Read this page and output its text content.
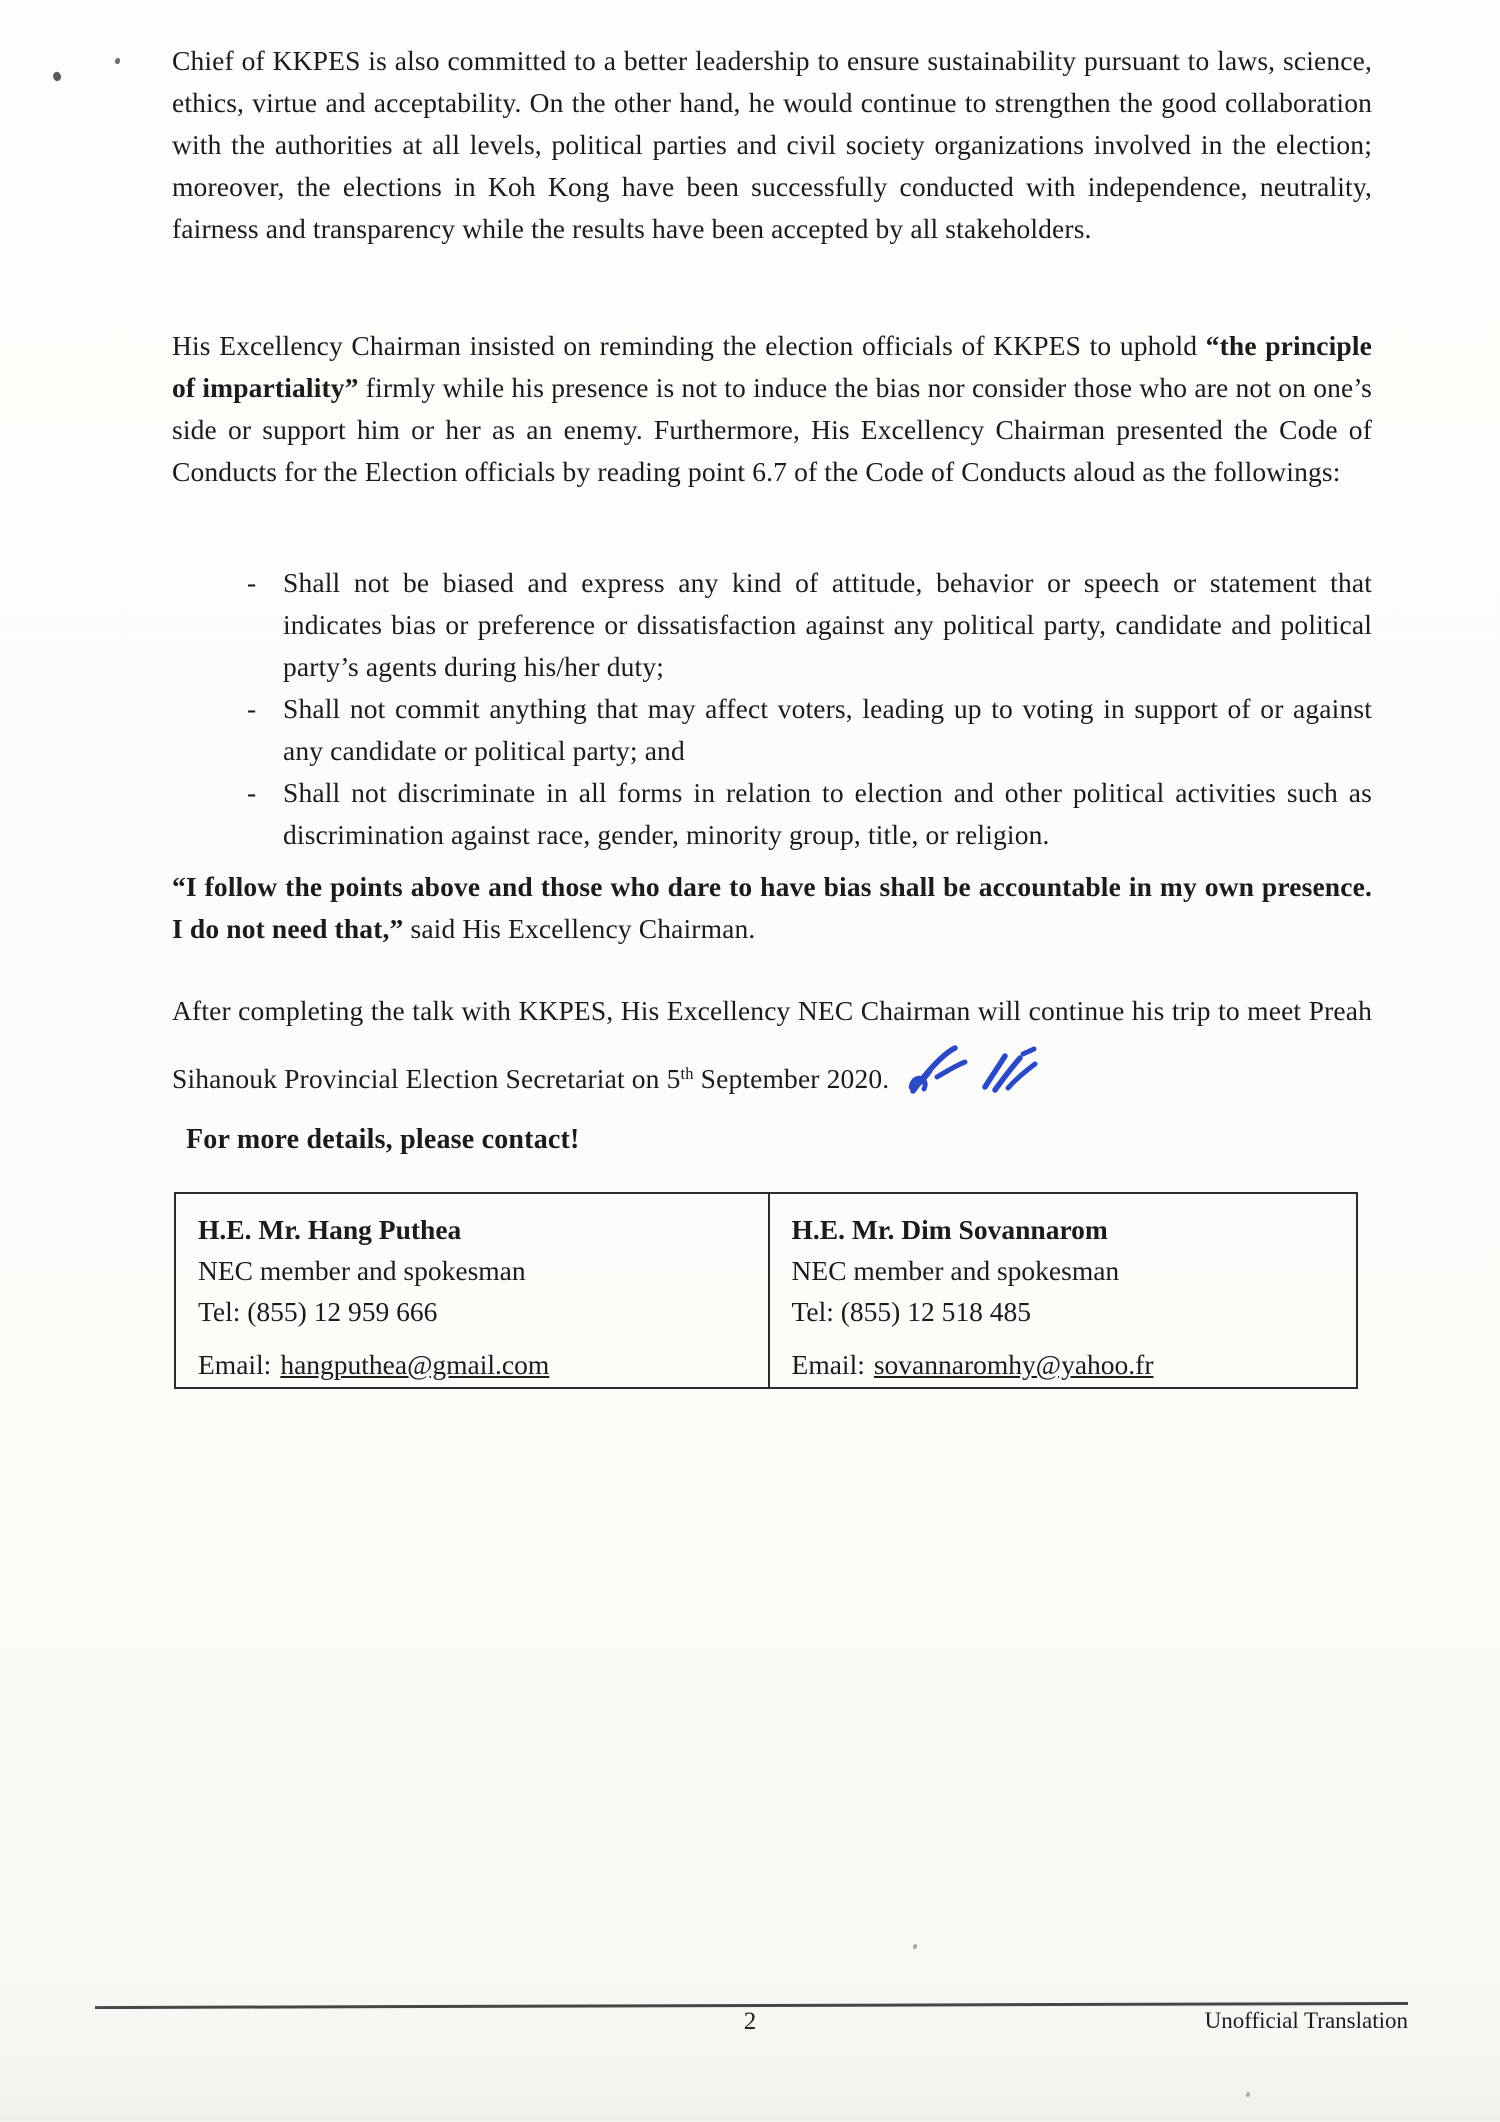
Chief of KKPES is also committed to a better leadership to ensure sustainability pursuant to laws, science, ethics, virtue and acceptability. On the other hand, he would continue to strengthen the good collaboration with the authorities at all levels, political parties and civil society organizations involved in the election; moreover, the elections in Koh Kong have been successfully conducted with independence, neutrality, fairness and transparency while the results have been accepted by all stakeholders.

His Excellency Chairman insisted on reminding the election officials of KKPES to uphold “the principle of impartiality” firmly while his presence is not to induce the bias nor consider those who are not on one’s side or support him or her as an enemy. Furthermore, His Excellency Chairman presented the Code of Conducts for the Election officials by reading point 6.7 of the Code of Conducts aloud as the followings:

- Shall not be biased and express any kind of attitude, behavior or speech or statement that indicates bias or preference or dissatisfaction against any political party, candidate and political party’s agents during his/her duty;
- Shall not commit anything that may affect voters, leading up to voting in support of or against any candidate or political party; and
- Shall not discriminate in all forms in relation to election and other political activities such as discrimination against race, gender, minority group, title, or religion.

“I follow the points above and those who dare to have bias shall be accountable in my own presence. I do not need that,” said His Excellency Chairman.

After completing the talk with KKPES, His Excellency NEC Chairman will continue his trip to meet Preah Sihanouk Provincial Election Secretariat on 5th September 2020.

For more details, please contact!
H.E. Mr. Hang Puthea
NEC member and spokesman
Tel: (855) 12 959 666
Email: hangputhea@gmail.com
H.E. Mr. Dim Sovannarom
NEC member and spokesman
Tel: (855) 12 518 485
Email: sovannaromhy@yahoo.fr
2	Unofficial Translation
